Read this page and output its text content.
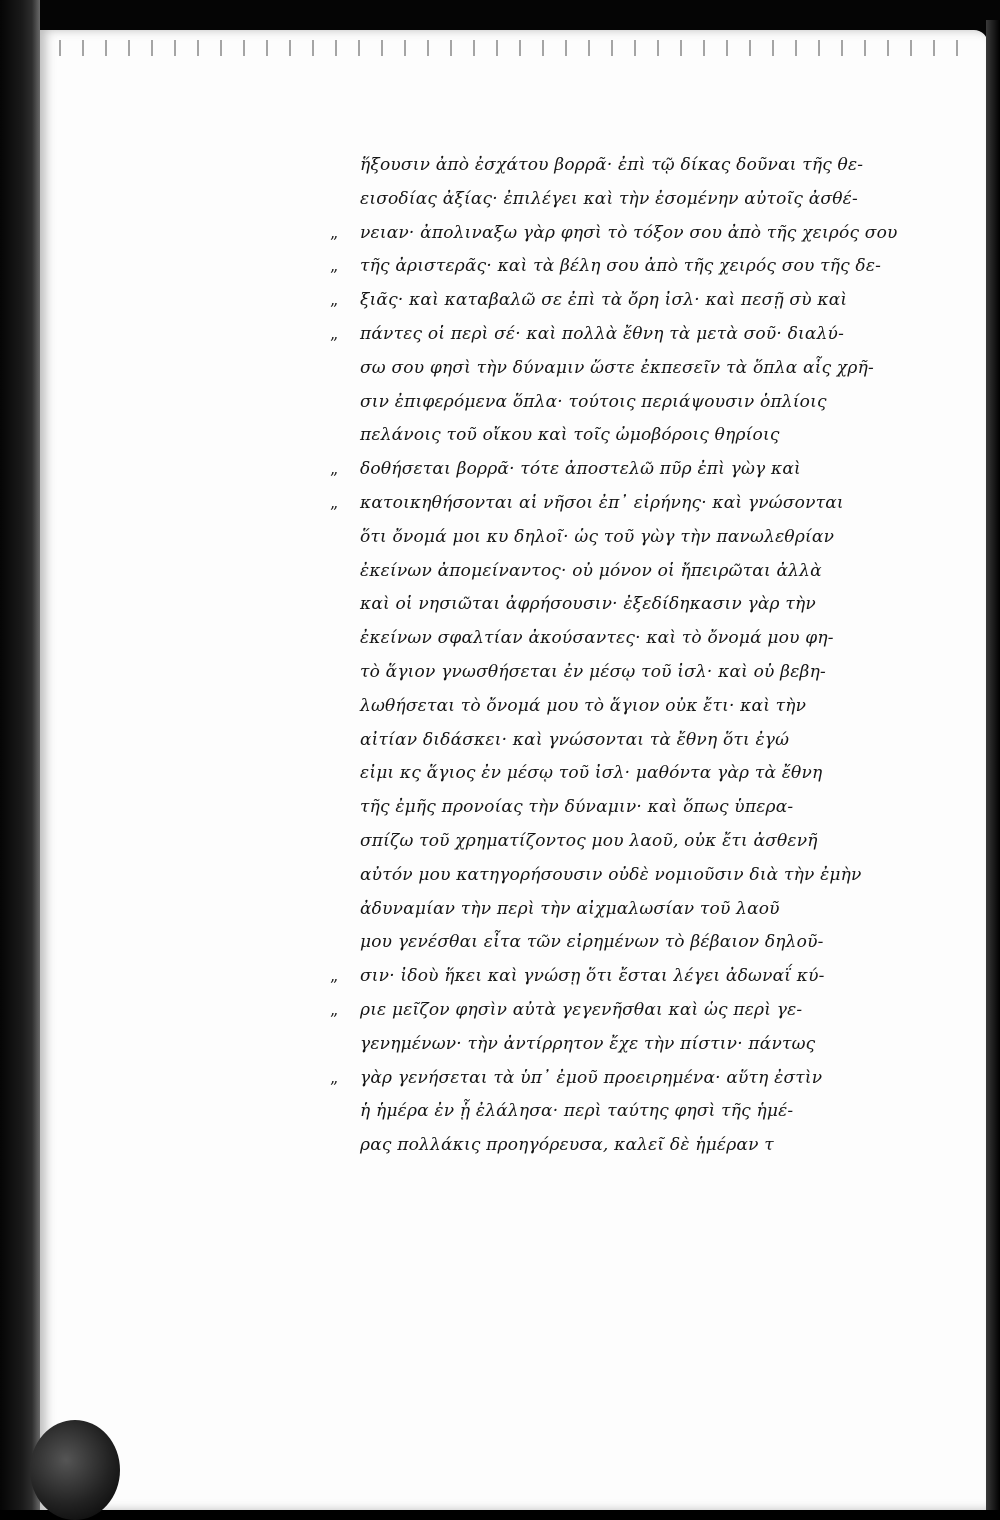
ἥξουσιν ἀπὸ ἐσχάτου βορρᾶ· ἐπὶ τῷ δίκας δοῦναι τῆς θε-
εισοδίας ἀξίας· ἐπιλέγει καὶ τὴν ἐσομένην αὐτοῖς ἀσθέ-
„ νειαν· ἀπολιναξω γὰρ φησὶ τὸ τόξον σου ἀπὸ τῆς χειρός σου
„ τῆς ἀριστερᾶς· καὶ τὰ βέλη σου ἀπὸ τῆς χειρός σου τῆς δε-
„ ξιᾶς· καὶ καταβαλῶ σε ἐπὶ τὰ ὄρη ἰσλ· καὶ πεσῇ σὺ καὶ
„ πάντες οἱ περὶ σέ· καὶ πολλὰ ἔθνη τὰ μετὰ σοῦ· διαλύ-
σω σου φησὶ τὴν δύναμιν ὥστε ἐκπεσεῖν τὰ ὅπλα αἷς χρῆ-
σιν ἐπιφερόμενα ὅπλα· τούτοις περιάψουσιν ὁπλίοις
πελάνοις τοῦ οἴκου καὶ τοῖς ὠμοβόροις θηρίοις
„ δοθήσεται βορρᾶ· τότε ἀποστελῶ πῦρ ἐπὶ γὼγ καὶ
„ κατοικηθήσονται αἱ νῆσοι ἐπ᾽ εἰρήνης· καὶ γνώσονται
ὅτι ὄνομά μοι κυ δηλοῖ· ὡς τοῦ γὼγ τὴν πανωλεθρίαν
ἐκείνων ἀπομείναντος· οὐ μόνον οἱ ἤπειρῶται ἀλλὰ
καὶ οἱ νησιῶται ἀφρήσουσιν· ἐξεδίδηκασιν γὰρ τὴν
ἐκείνων σφαλτίαν ἀκούσαντες· καὶ τὸ ὄνομά μου φη-
τὸ ἅγιον γνωσθήσεται ἐν μέσῳ τοῦ ἰσλ· καὶ οὐ βεβη-
λωθήσεται τὸ ὄνομά μου τὸ ἅγιον οὐκ ἔτι· καὶ τὴν
αἰτίαν διδάσκει· καὶ γνώσονται τὰ ἔθνη ὅτι ἐγώ
εἰμι κς ἅγιος ἐν μέσῳ τοῦ ἰσλ· μαθόντα γὰρ τὰ ἔθνη
τῆς ἐμῆς προνοίας τὴν δύναμιν· καὶ ὅπως ὑπερα-
σπίζω τοῦ χρηματίζοντος μου λαοῦ, οὐκ ἔτι ἀσθενῆ
αὐτόν μου κατηγορήσουσιν οὐδὲ νομιοῦσιν διὰ τὴν ἐμὴν
ἀδυναμίαν τὴν περὶ τὴν αἰχμαλωσίαν τοῦ λαοῦ
μου γενέσθαι εἶτα τῶν εἰρημένων τὸ βέβαιον δηλοῦ-
„ σιν· ἰδοὺ ἥκει καὶ γνώσῃ ὅτι ἔσται λέγει ἀδωναΐ κύ-
„ ριε μεῖζον φησὶν αὐτὰ γεγενῆσθαι καὶ ὡς περὶ γε-
γενημένων· τὴν ἀντίρρητον ἔχε τὴν πίστιν· πάντως
„ γὰρ γενήσεται τὰ ὑπ᾽ ἐμοῦ προειρημένα· αὕτη ἐστὶν
ἡ ἡμέρα ἐν ᾗ ἐλάλησα· περὶ ταύτης φησὶ τῆς ἡμέ-
ρας πολλάκις προηγόρευσα, καλεῖ δὲ ἡμέραν τ
